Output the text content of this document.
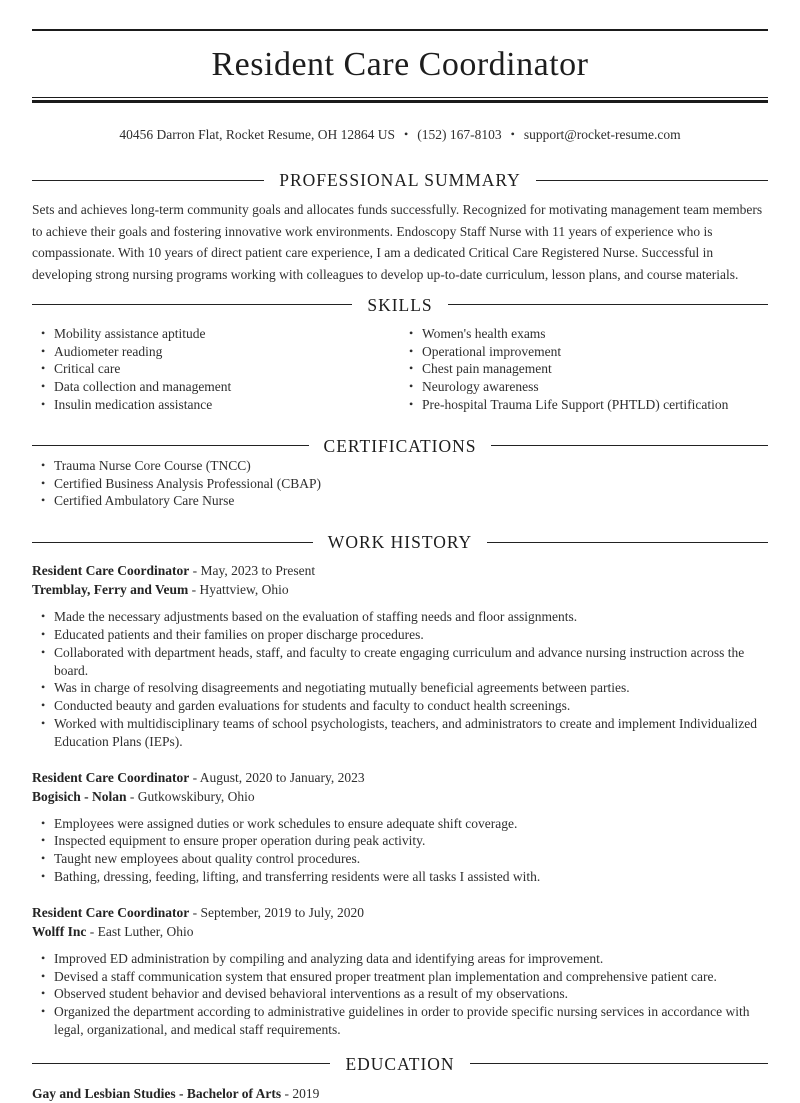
Resident Care Coordinator
40456 Darron Flat, Rocket Resume, OH 12864 US • (152) 167-8103 • support@rocket-resume.com
PROFESSIONAL SUMMARY
Sets and achieves long-term community goals and allocates funds successfully. Recognized for motivating management team members to achieve their goals and fostering innovative work environments. Endoscopy Staff Nurse with 11 years of experience who is compassionate. With 10 years of direct patient care experience, I am a dedicated Critical Care Registered Nurse. Successful in developing strong nursing programs working with colleagues to develop up-to-date curriculum, lesson plans, and course materials.
SKILLS
• Mobility assistance aptitude
• Audiometer reading
• Critical care
• Data collection and management
• Insulin medication assistance
• Women's health exams
• Operational improvement
• Chest pain management
• Neurology awareness
• Pre-hospital Trauma Life Support (PHTLD) certification
CERTIFICATIONS
• Trauma Nurse Core Course (TNCC)
• Certified Business Analysis Professional (CBAP)
• Certified Ambulatory Care Nurse
WORK HISTORY
Resident Care Coordinator - May, 2023 to Present
Tremblay, Ferry and Veum - Hyattview, Ohio
• Made the necessary adjustments based on the evaluation of staffing needs and floor assignments.
• Educated patients and their families on proper discharge procedures.
• Collaborated with department heads, staff, and faculty to create engaging curriculum and advance nursing instruction across the board.
• Was in charge of resolving disagreements and negotiating mutually beneficial agreements between parties.
• Conducted beauty and garden evaluations for students and faculty to conduct health screenings.
• Worked with multidisciplinary teams of school psychologists, teachers, and administrators to create and implement Individualized Education Plans (IEPs).
Resident Care Coordinator - August, 2020 to January, 2023
Bogisich - Nolan - Gutkowskibury, Ohio
• Employees were assigned duties or work schedules to ensure adequate shift coverage.
• Inspected equipment to ensure proper operation during peak activity.
• Taught new employees about quality control procedures.
• Bathing, dressing, feeding, lifting, and transferring residents were all tasks I assisted with.
Resident Care Coordinator - September, 2019 to July, 2020
Wolff Inc - East Luther, Ohio
• Improved ED administration by compiling and analyzing data and identifying areas for improvement.
• Devised a staff communication system that ensured proper treatment plan implementation and comprehensive patient care.
• Observed student behavior and devised behavioral interventions as a result of my observations.
• Organized the department according to administrative guidelines in order to provide specific nursing services in accordance with legal, organizational, and medical staff requirements.
EDUCATION
Gay and Lesbian Studies - Bachelor of Arts - 2019
